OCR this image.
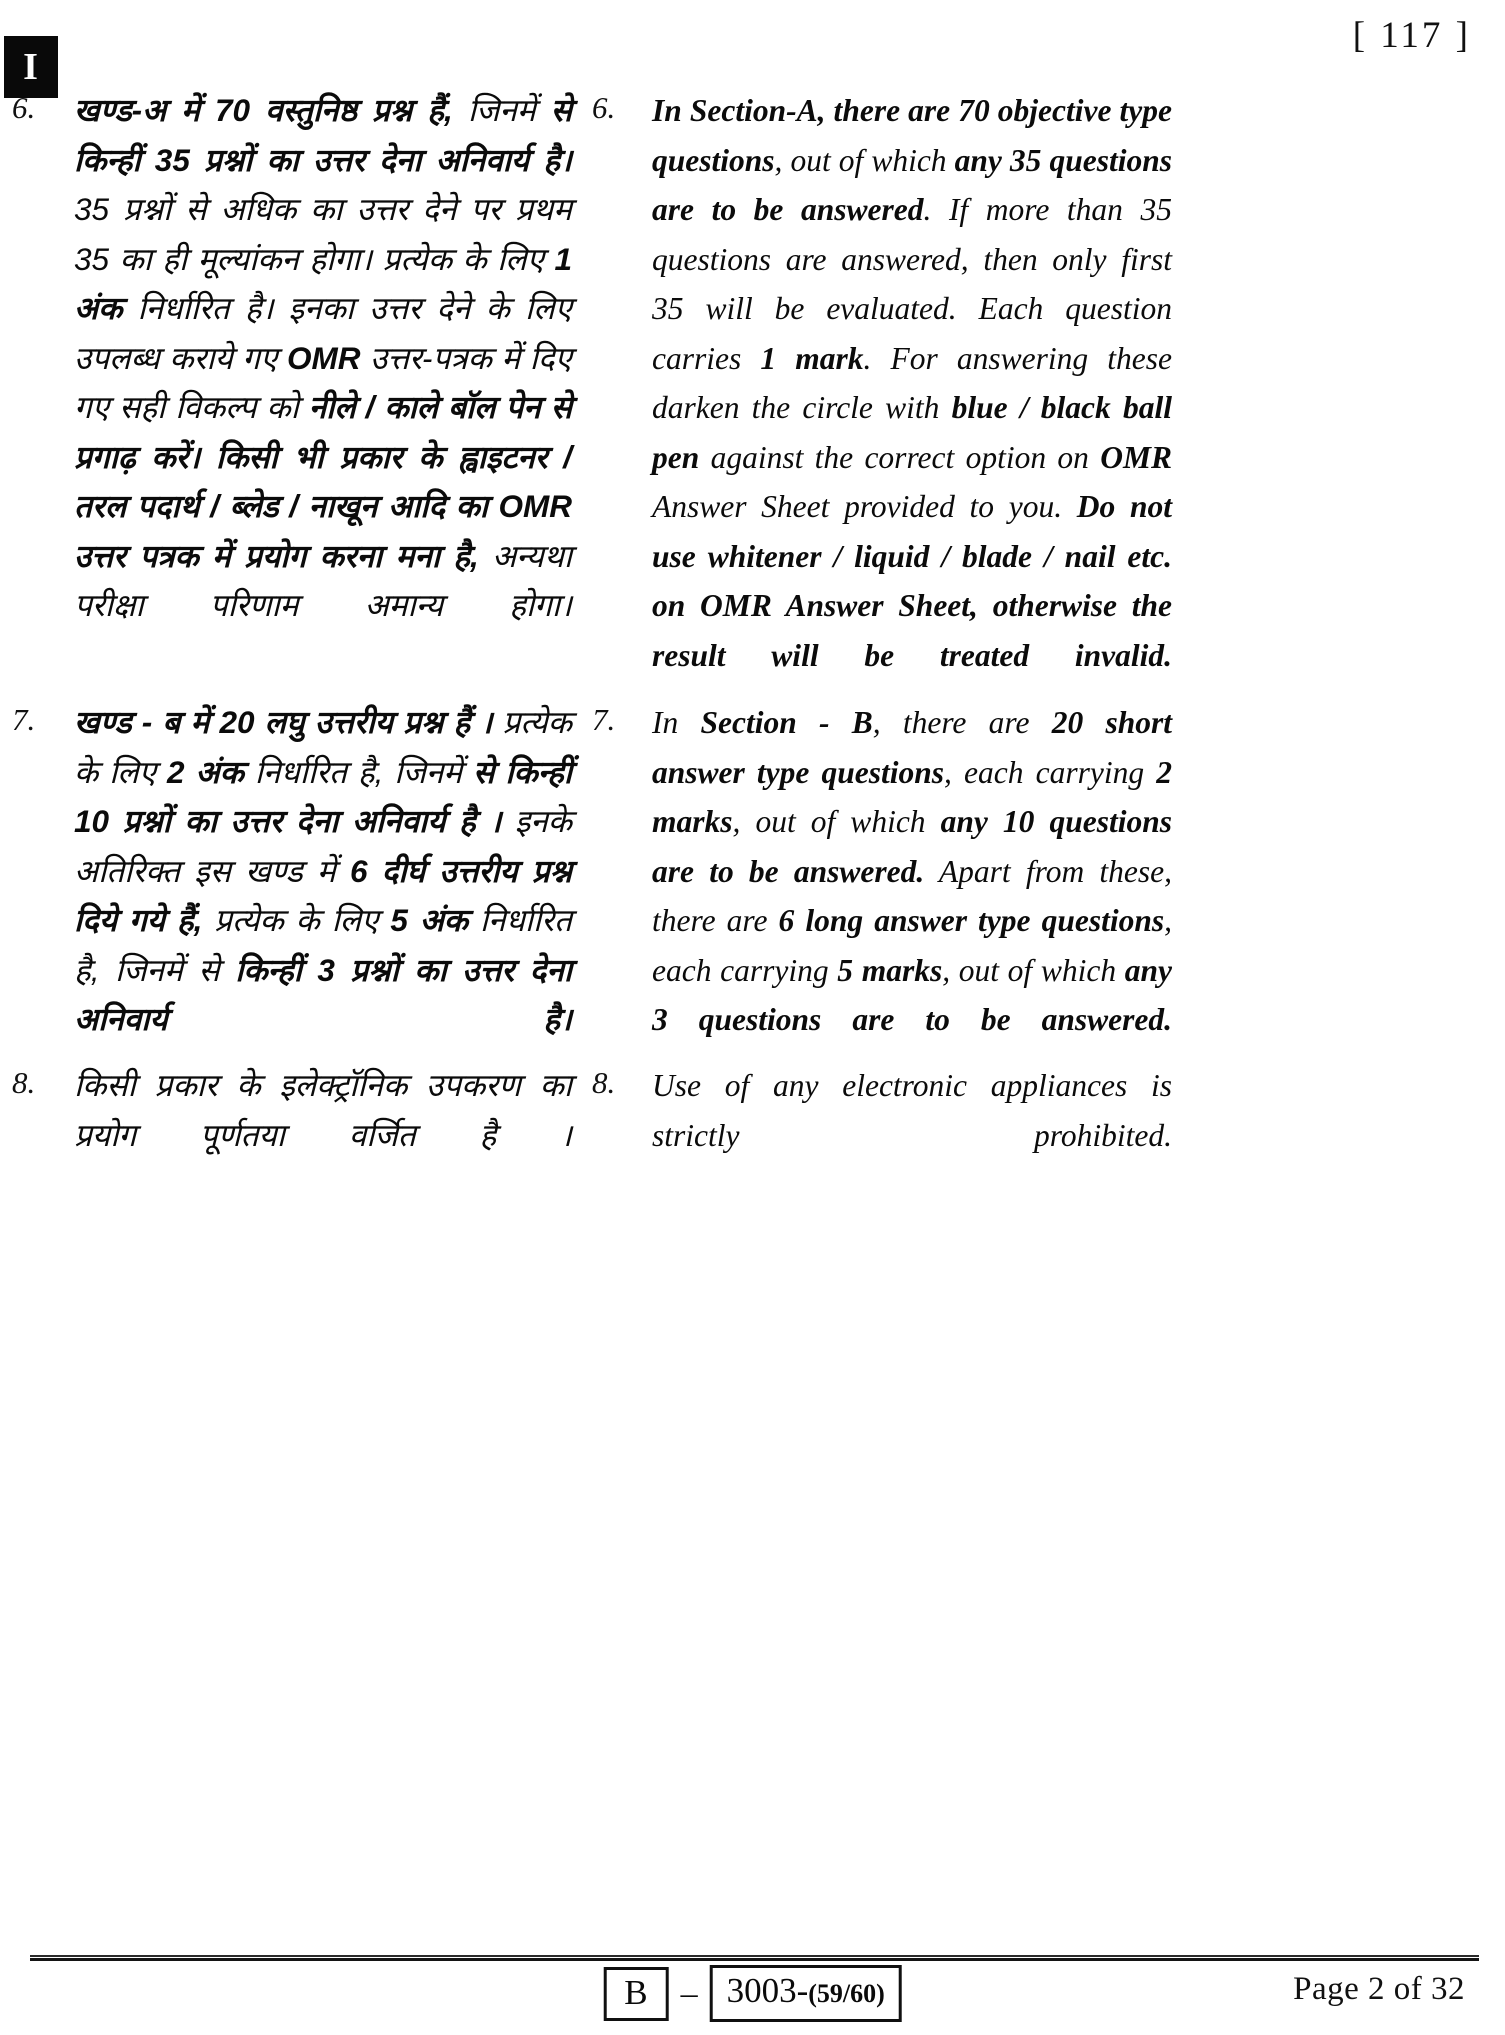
I
[ 117 ]
6. खण्ड-अ में 70 वस्तुनिष्ठ प्रश्न हैं, जिनमें से किन्हीं 35 प्रश्नों का उत्तर देना अनिवार्य है। 35 प्रश्नों से अधिक का उत्तर देने पर प्रथम 35 का ही मूल्यांकन होगा। प्रत्येक के लिए 1 अंक निर्धारित है। इनका उत्तर देने के लिए उपलब्ध कराये गए OMR उत्तर-पत्रक में दिए गए सही विकल्प को नीले / काले बॉल पेन से प्रगाढ़ करें। किसी भी प्रकार के ह्वाइटनर / तरल पदार्थ / ब्लेड / नाखून आदि का OMR उत्तर पत्रक में प्रयोग करना मना है, अन्यथा परीक्षा परिणाम अमान्य होगा।
6. In Section-A, there are 70 objective type questions, out of which any 35 questions are to be answered. If more than 35 questions are answered, then only first 35 will be evaluated. Each question carries 1 mark. For answering these darken the circle with blue / black ball pen against the correct option on OMR Answer Sheet provided to you. Do not use whitener / liquid / blade / nail etc. on OMR Answer Sheet, otherwise the result will be treated invalid.
7. खण्ड - ब में 20 लघु उत्तरीय प्रश्न हैं । प्रत्येक के लिए 2 अंक निर्धारित है, जिनमें से किन्हीं 10 प्रश्नों का उत्तर देना अनिवार्य है । इनके अतिरिक्त इस खण्ड में 6 दीर्घ उत्तरीय प्रश्न दिये गये हैं, प्रत्येक के लिए 5 अंक निर्धारित है, जिनमें से किन्हीं 3 प्रश्नों का उत्तर देना अनिवार्य है।
7. In Section - B, there are 20 short answer type questions, each carrying 2 marks, out of which any 10 questions are to be answered. Apart from these, there are 6 long answer type questions, each carrying 5 marks, out of which any 3 questions are to be answered.
8. किसी प्रकार के इलेक्ट्रॉनिक उपकरण का प्रयोग पूर्णतया वर्जित है ।
8. Use of any electronic appliances is strictly prohibited.
B – 3003-(59/60)	Page 2 of 32
